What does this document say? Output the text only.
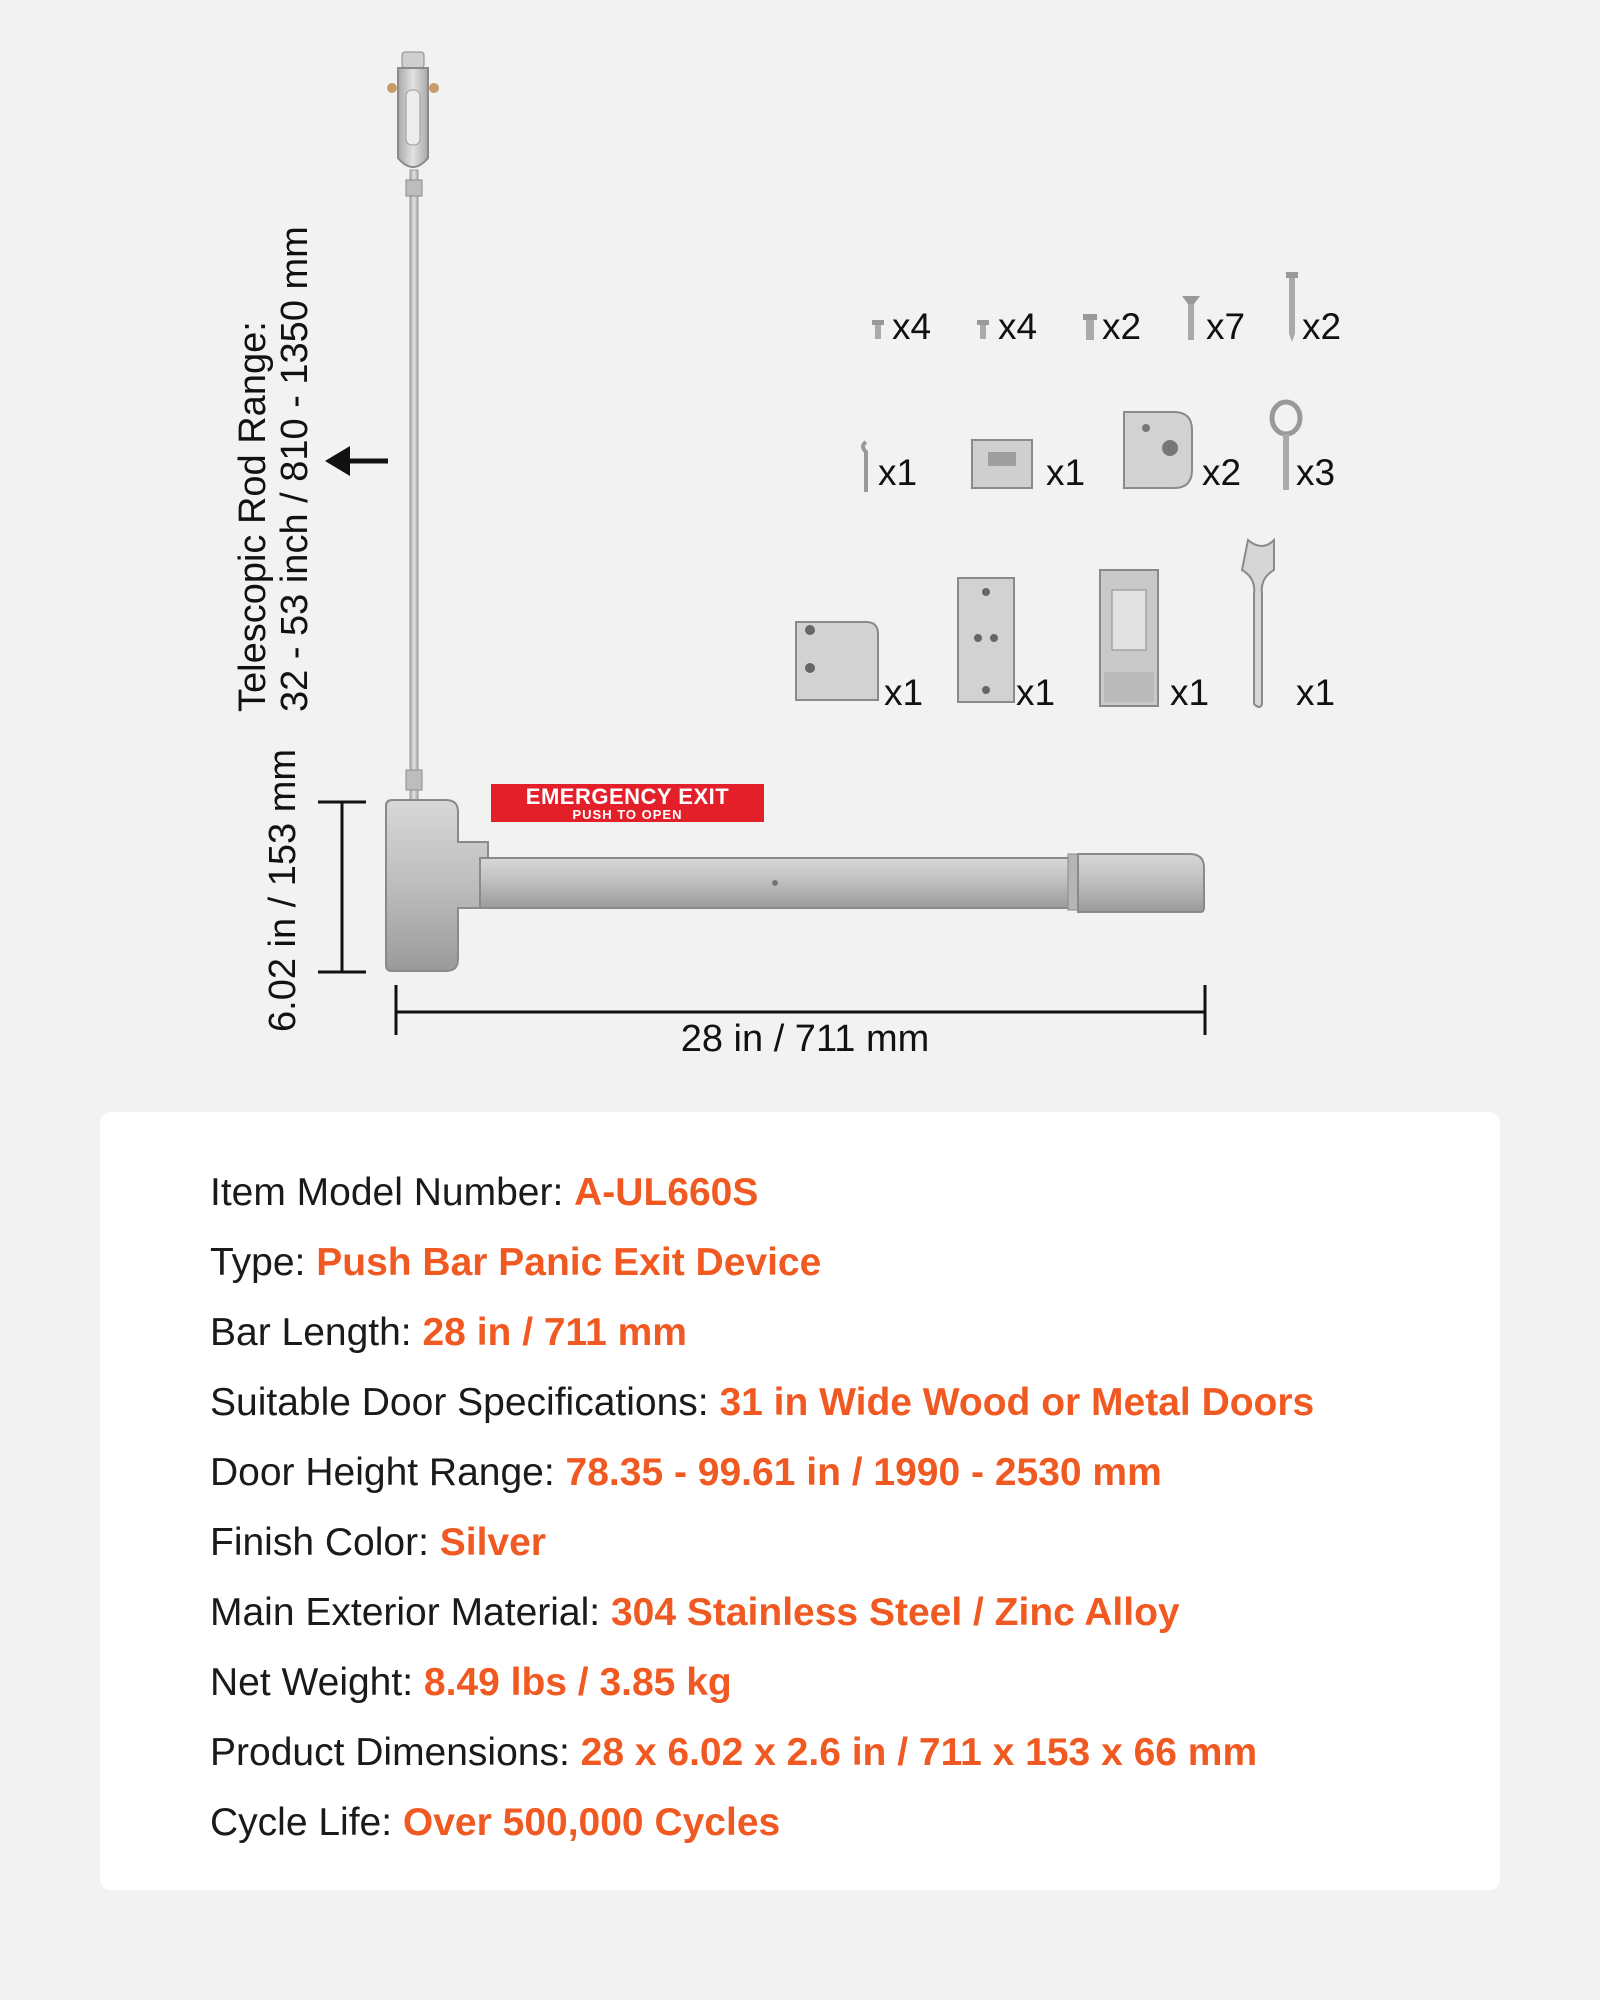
EMERGENCY EXIT
PUSH TO OPEN
Telescopic Rod Range: 32 - 53 inch / 810 - 1350 mm
6.02 in / 153 mm
28 in / 711 mm
x4 x4 x2 x7 x2
x1	x1	x2 x3
x1	x1	x1 x1
Item Model Number: A-UL660S
Type: Push Bar Panic Exit Device
Bar Length: 28 in / 711 mm
Suitable Door Specifications: 31 in Wide Wood or Metal Doors
Door Height Range: 78.35 - 99.61 in / 1990 - 2530 mm
Finish Color: Silver
Main Exterior Material: 304 Stainless Steel / Zinc Alloy
Net Weight: 8.49 lbs / 3.85 kg
Product Dimensions: 28 x 6.02 x 2.6 in / 711 x 153 x 66 mm
Cycle Life: Over 500,000 Cycles
